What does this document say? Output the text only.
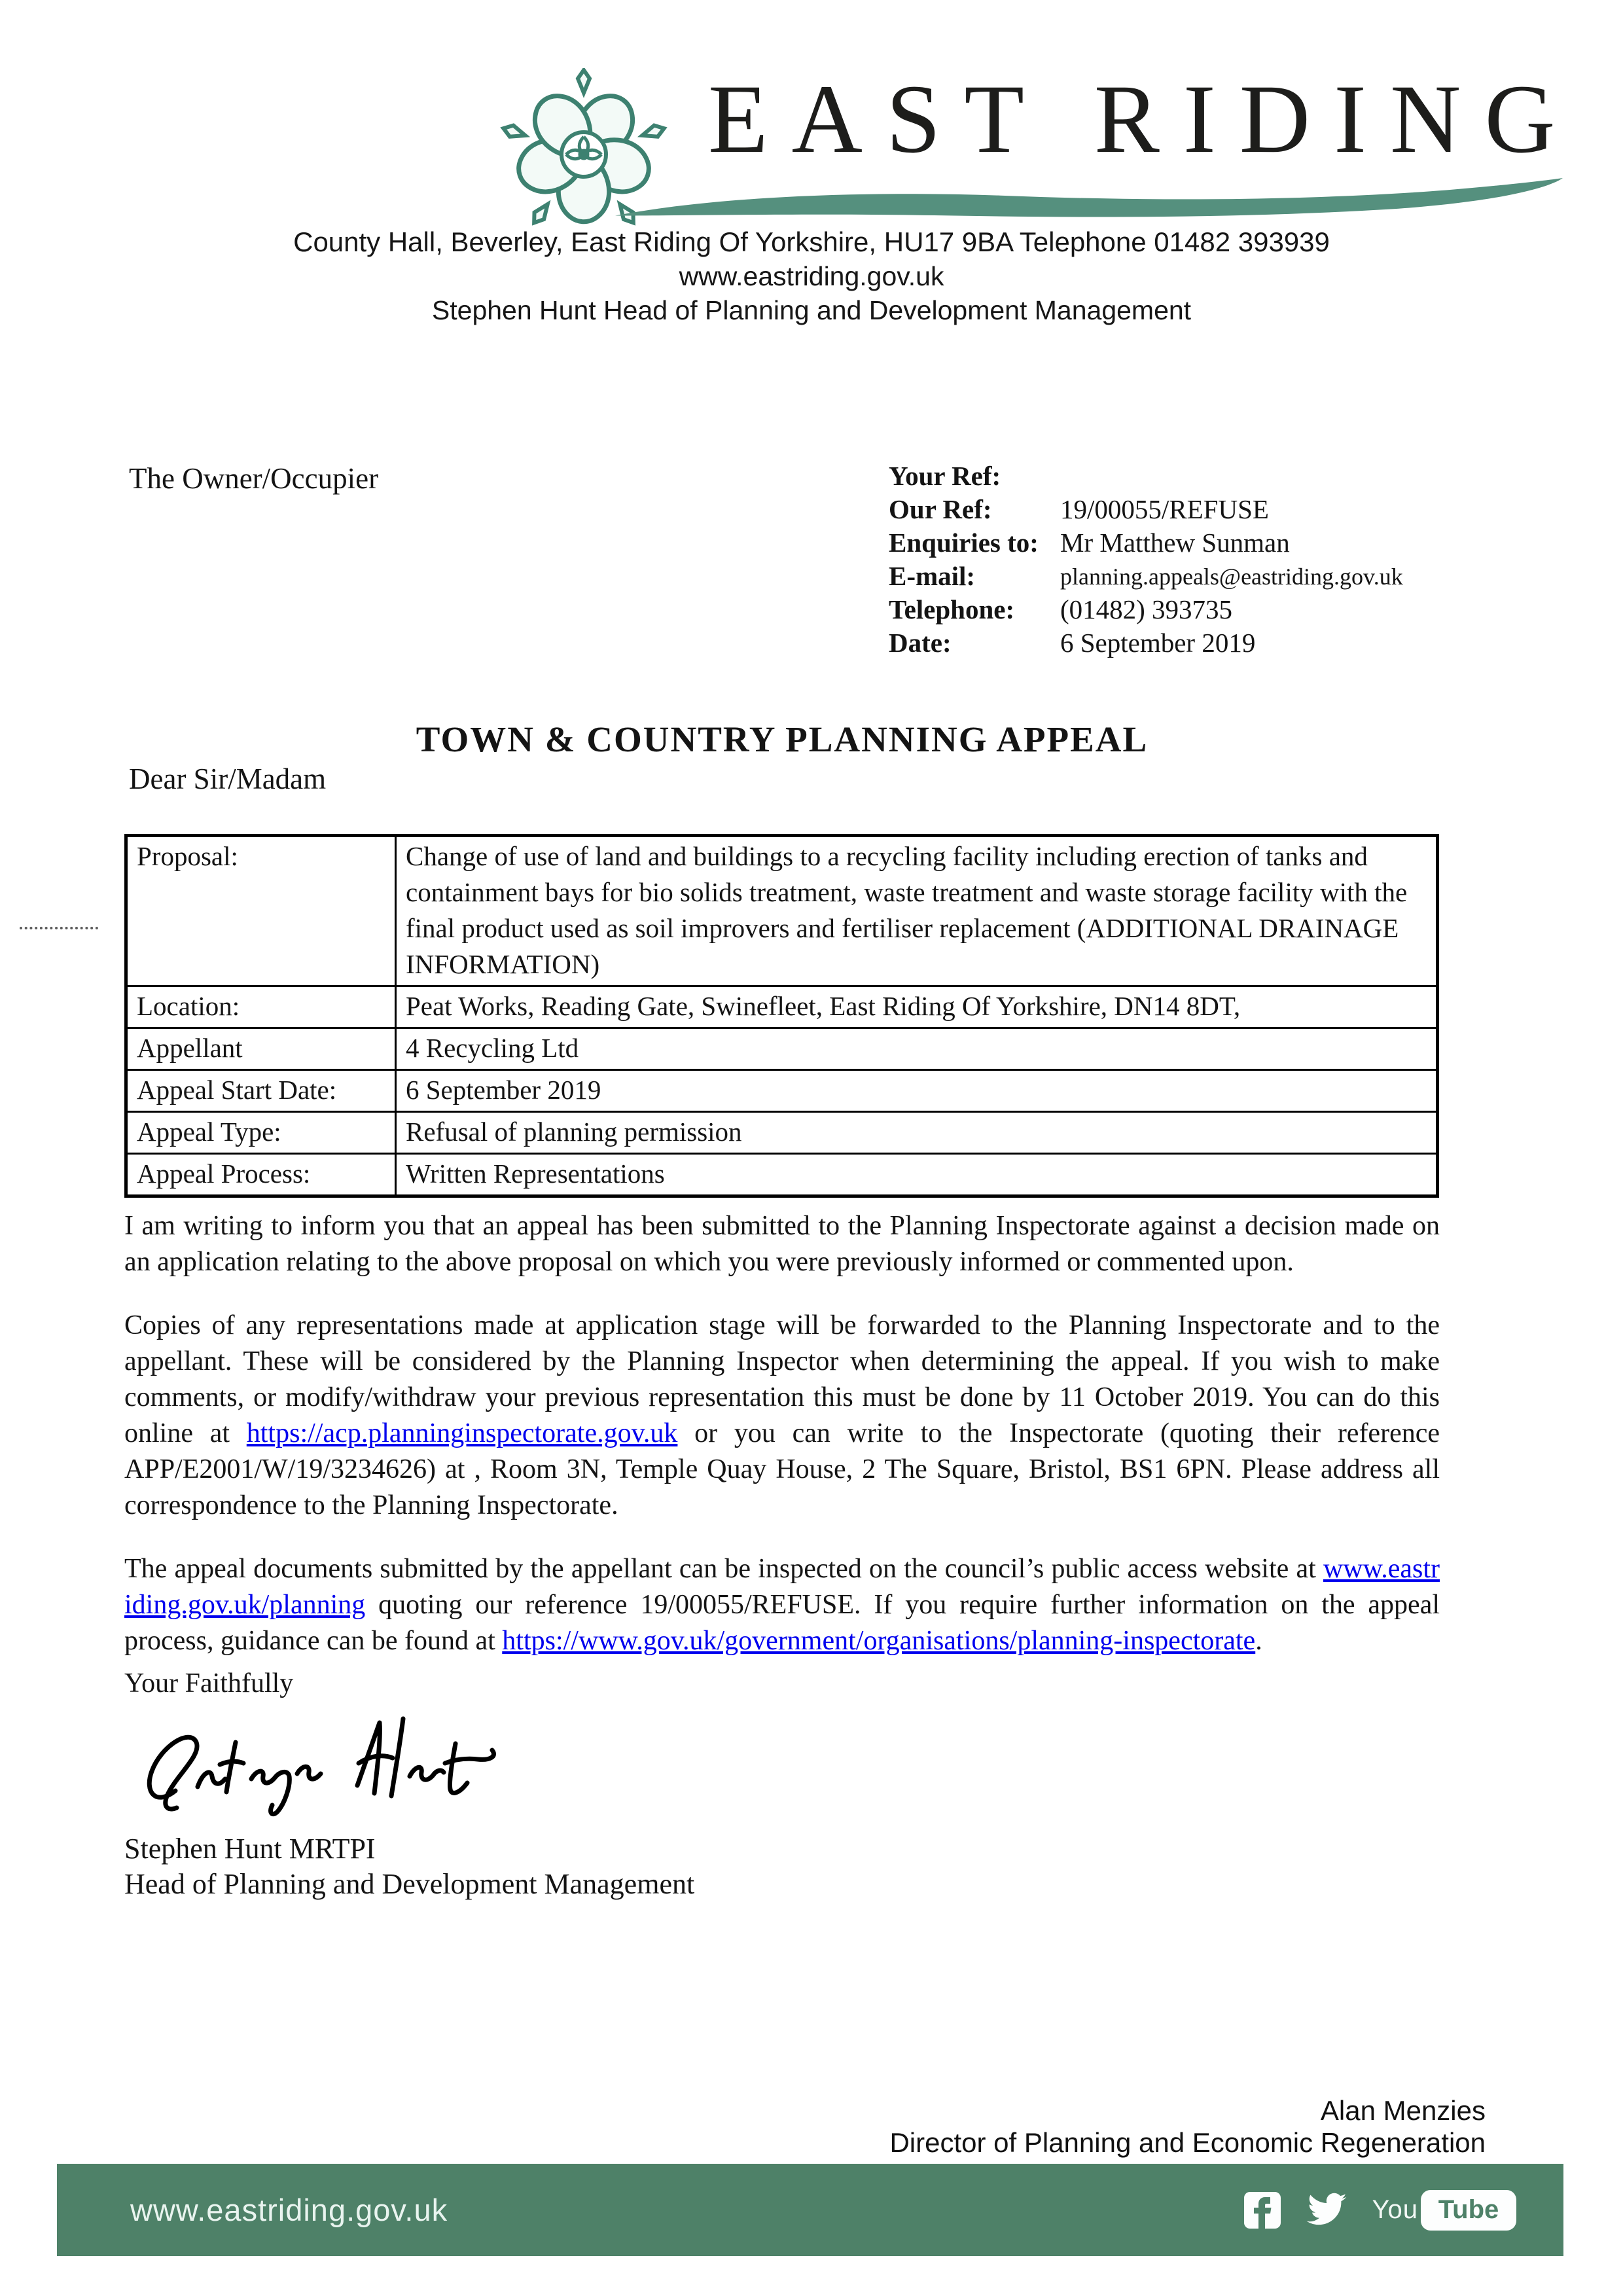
EAST RIDING
County Hall, Beverley, East Riding Of Yorkshire, HU17 9BA Telephone 01482 393939
www.eastriding.gov.uk
Stephen Hunt Head of Planning and Development Management
The Owner/Occupier	Your Ref:
Our Ref:	19/00055/REFUSE
Enquiries to: Mr Matthew Sunman
E-mail:	planning.appeals@eastriding.gov.uk
Telephone:	(01482) 393735
Date:	6 September 2019
TOWN & COUNTRY PLANNING APPEAL
Dear Sir/Madam
Proposal:	Change of use of land and buildings to a recycling facility including erection of tanks and containment bays for bio solids treatment, waste treatment and waste storage facility with the final product used as soil improvers and fertiliser replacement (ADDITIONAL DRAINAGE INFORMATION)
Location:	Peat Works, Reading Gate, Swinefleet, East Riding Of Yorkshire, DN14 8DT,
Appellant	4 Recycling Ltd
Appeal Start Date:	6 September 2019
Appeal Type:	Refusal of planning permission
Appeal Process:	Written Representations

I am writing to inform you that an appeal has been submitted to the Planning Inspectorate against a decision made on an application relating to the above proposal on which you were previously informed or commented upon.

Copies of any representations made at application stage will be forwarded to the Planning Inspectorate and to the appellant. These will be considered by the Planning Inspector when determining the appeal. If you wish to make comments, or modify/withdraw your previous representation this must be done by 11 October 2019. You can do this online at https://acp.planninginspectorate.gov.uk or you can write to the Inspectorate (quoting their reference APP/E2001/W/19/3234626) at , Room 3N, Temple Quay House, 2 The Square, Bristol, BS1 6PN. Please address all correspondence to the Planning Inspectorate.

The appeal documents submitted by the appellant can be inspected on the council’s public access website at www.eastriding.gov.uk/planning quoting our reference 19/00055/REFUSE. If you require further information on the appeal process, guidance can be found at https://www.gov.uk/government/organisations/planning-inspectorate.

Your Faithfully
Stephen Hunt MRTPI
Head of Planning and Development Management
Alan Menzies
Director of Planning and Economic Regeneration
www.eastriding.gov.uk	You Tube
